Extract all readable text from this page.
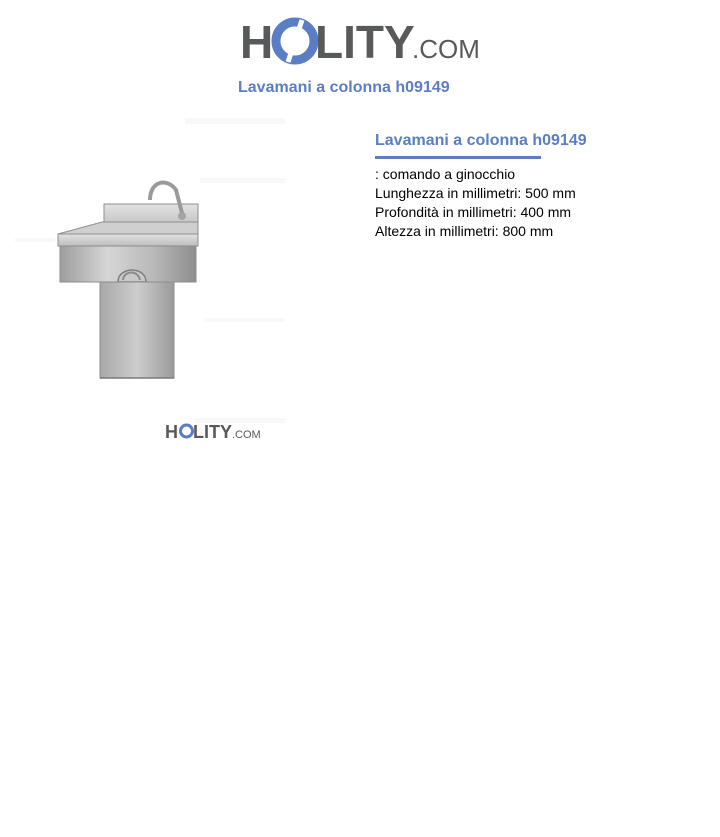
H LITY
.COM
Lavamani a colonna h09149
H LITY .COM
Lavamani a colonna h09149
: comando a ginocchio
Lunghezza in millimetri: 500 mm
Profondità in millimetri: 400 mm
Altezza in millimetri: 800 mm
